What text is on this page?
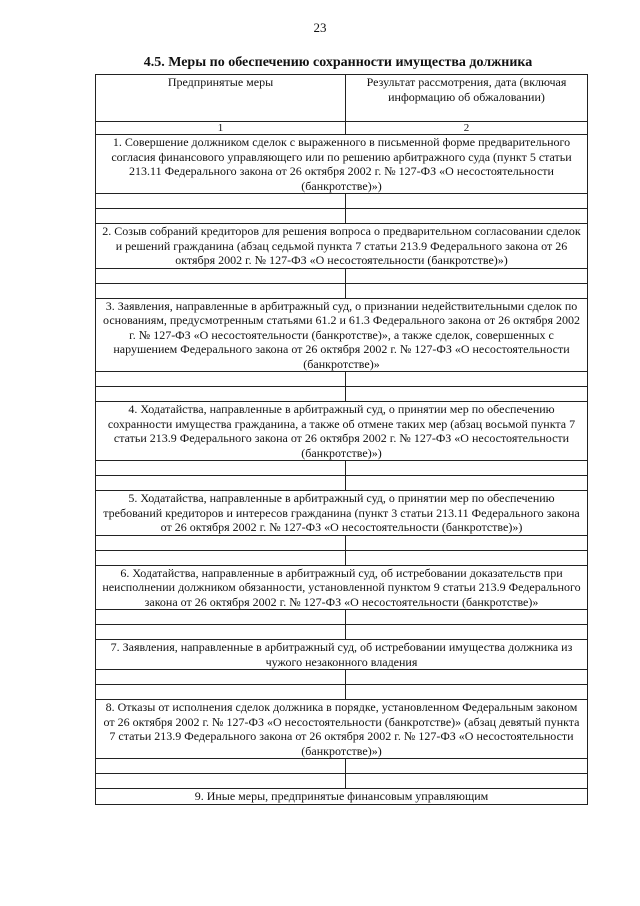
23
4.5. Меры по обеспечению сохранности имущества должника
Предпринятые меры	Результат рассмотрения, дата (включая информацию об обжаловании)
1	2
1. Совершение должником сделок с выраженного в письменной форме предварительного согласия финансового управляющего или по решению арбитражного суда (пункт 5 статьи 213.11 Федерального закона от 26 октября 2002 г. № 127-ФЗ «О несостоятельности (банкротстве)»)	

2. Созыв собраний кредиторов для решения вопроса о предварительном согласовании сделок и решений гражданина (абзац седьмой пункта 7 статьи 213.9 Федерального закона от 26 октября 2002 г. № 127-ФЗ «О несостоятельности (банкротстве)»)	

3. Заявления, направленные в арбитражный суд, о признании недействительными сделок по основаниям, предусмотренным статьями 61.2 и 61.3 Федерального закона от 26 октября 2002 г. № 127-ФЗ «О несостоятельности (банкротстве)», а также сделок, совершенных с нарушением Федерального закона от 26 октября 2002 г. № 127-ФЗ «О несостоятельности (банкротстве)»	

4. Ходатайства, направленные в арбитражный суд, о принятии мер по обеспечению сохранности имущества гражданина, а также об отмене таких мер (абзац восьмой пункта 7 статьи 213.9 Федерального закона от 26 октября 2002 г. № 127-ФЗ «О несостоятельности (банкротстве)»)	

5. Ходатайства, направленные в арбитражный суд, о принятии мер по обеспечению требований кредиторов и интересов гражданина (пункт 3 статьи 213.11 Федерального закона от 26 октября 2002 г. № 127-ФЗ «О несостоятельности (банкротстве)»)	

6. Ходатайства, направленные в арбитражный суд, об истребовании доказательств при неисполнении должником обязанности, установленной пунктом 9 статьи 213.9 Федерального закона от 26 октября 2002 г. № 127-ФЗ «О несостоятельности (банкротстве)»	

7. Заявления, направленные в арбитражный суд, об истребовании имущества должника из чужого незаконного владения	

8. Отказы от исполнения сделок должника в порядке, установленном Федеральным законом от 26 октября 2002 г. № 127-ФЗ «О несостоятельности (банкротстве)» (абзац девятый пункта 7 статьи 213.9 Федерального закона от 26 октября 2002 г. № 127-ФЗ «О несостоятельности (банкротстве)»)	

9. Иные меры, предпринятые финансовым управляющим	
